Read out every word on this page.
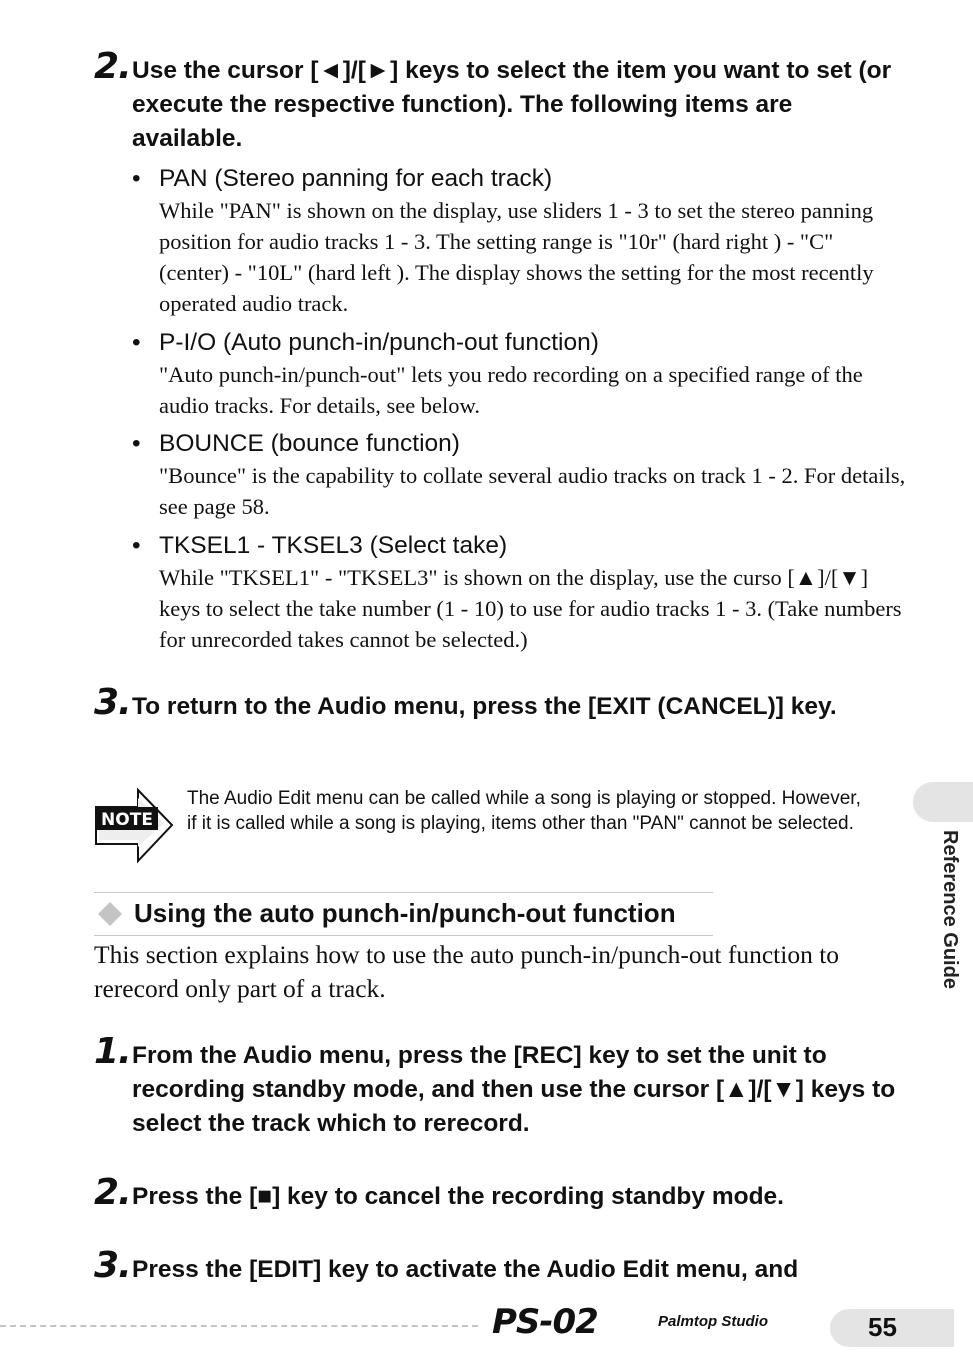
2. Use the cursor [◄]/[►] keys to select the item you want to set (or execute the respective function). The following items are available.
• PAN (Stereo panning for each track)
While "PAN" is shown on the display, use sliders 1 - 3 to set the stereo panning position for audio tracks 1 - 3. The setting range is "10r" (hard right ) - "C" (center) - "10L" (hard left ). The display shows the setting for the most recently operated audio track.
• P-I/O (Auto punch-in/punch-out function)
"Auto punch-in/punch-out" lets you redo recording on a specified range of the audio tracks. For details, see below.
• BOUNCE (bounce function)
"Bounce" is the capability to collate several audio tracks on track 1 - 2. For details, see page 58.
• TKSEL1 - TKSEL3 (Select take)
While "TKSEL1" - "TKSEL3" is shown on the display, use the curso [▲]/[▼] keys to select the take number (1 - 10) to use for audio tracks 1 - 3. (Take numbers for unrecorded takes cannot be selected.)
3. To return to the Audio menu, press the [EXIT (CANCEL)] key.
NOTE
The Audio Edit menu can be called while a song is playing or stopped. However, if it is called while a song is playing, items other than "PAN" cannot be selected.
Using the auto punch-in/punch-out function
This section explains how to use the auto punch-in/punch-out function to rerecord only part of a track.
1. From the Audio menu, press the [REC] key to set the unit to recording standby mode, and then use the cursor [▲]/[▼] keys to select the track which to rerecord.
2. Press the [■] key to cancel the recording standby mode.
3. Press the [EDIT] key to activate the Audio Edit menu, and
Reference Guide
PS-02	Palmtop Studio	55
